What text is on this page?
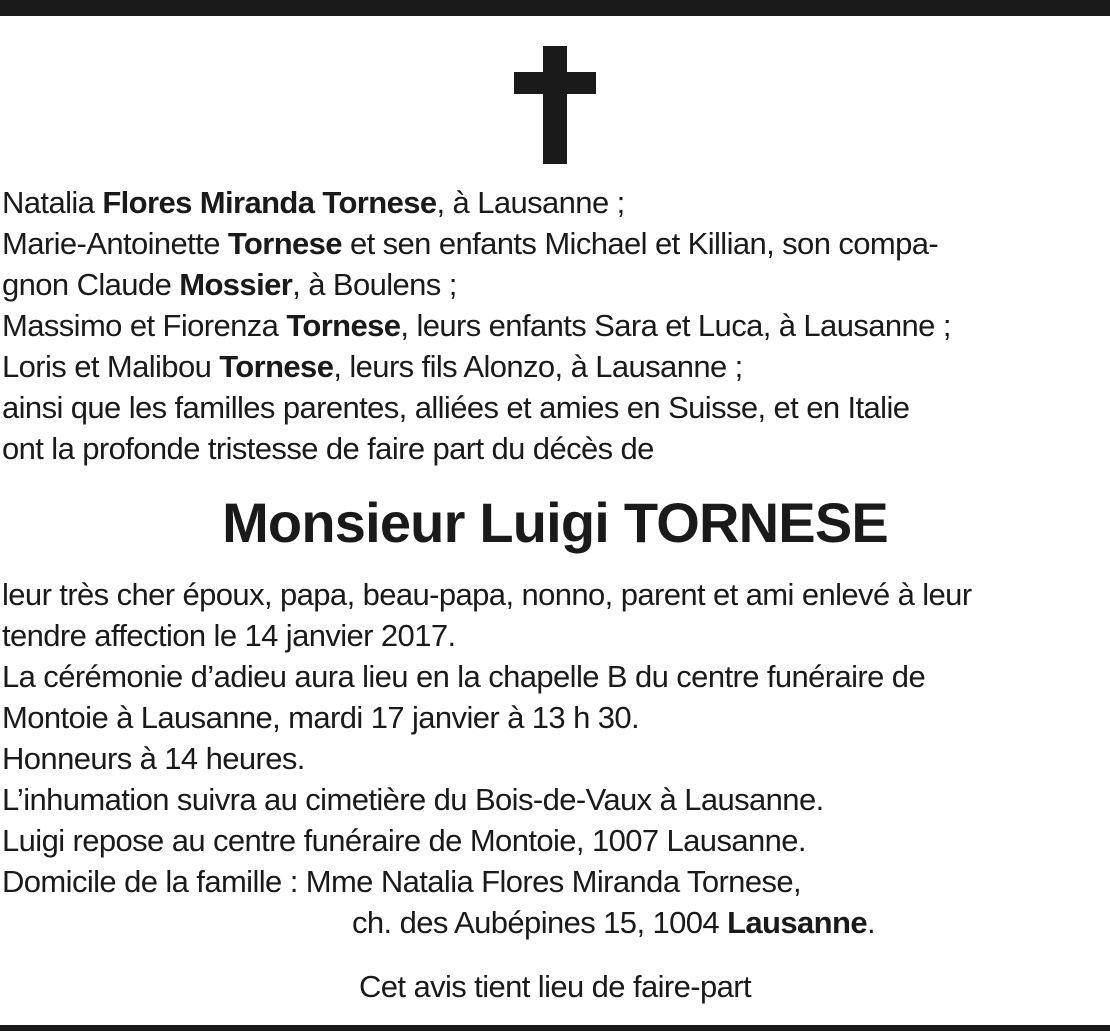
Natalia Flores Miranda Tornese, à Lausanne ;
Marie-Antoinette Tornese et sen enfants Michael et Killian, son compa-
gnon Claude Mossier, à Boulens ;
Massimo et Fiorenza Tornese, leurs enfants Sara et Luca, à Lausanne ;
Loris et Malibou Tornese, leurs fils Alonzo, à Lausanne ;
ainsi que les familles parentes, alliées et amies en Suisse, et en Italie
ont la profonde tristesse de faire part du décès de
Monsieur Luigi TORNESE
leur très cher époux, papa, beau-papa, nonno, parent et ami enlevé à leur
tendre affection le 14 janvier 2017.
La cérémonie d’adieu aura lieu en la chapelle B du centre funéraire de
Montoie à Lausanne, mardi 17 janvier à 13 h 30.
Honneurs à 14 heures.
L’inhumation suivra au cimetière du Bois-de-Vaux à Lausanne.
Luigi repose au centre funéraire de Montoie, 1007 Lausanne.
Domicile de la famille : Mme Natalia Flores Miranda Tornese,
ch. des Aubépines 15, 1004 Lausanne.
Cet avis tient lieu de faire-part
